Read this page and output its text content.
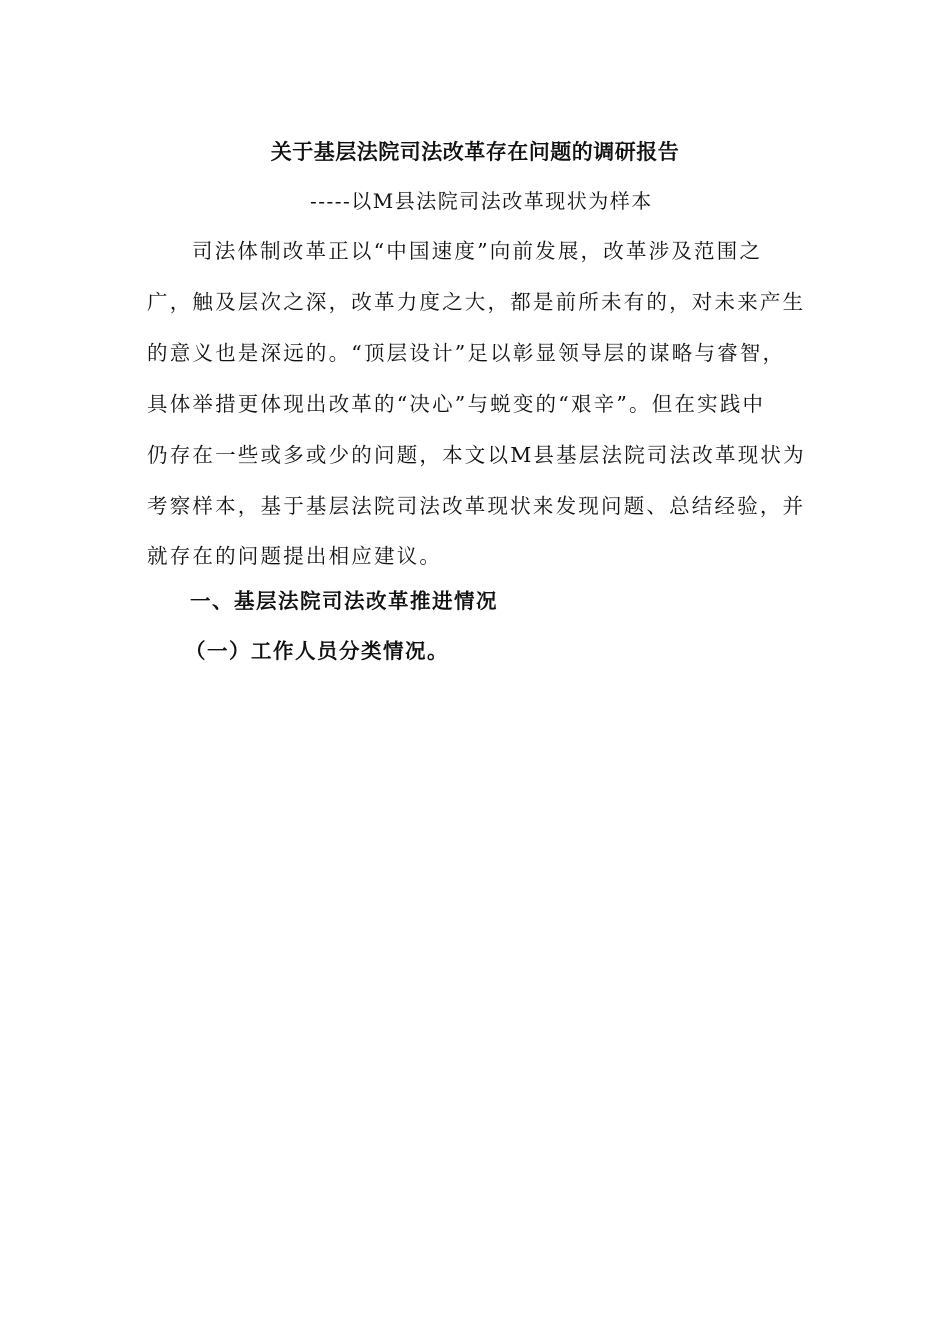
关于基层法院司法改革存在问题的调研报告
-----以M县法院司法改革现状为样本
司法体制改革正以“中国速度”向前发展，改革涉及范围之
广，触及层次之深，改革力度之大，都是前所未有的，对未来产生
的意义也是深远的。“顶层设计”足以彰显领导层的谋略与睿智，
具体举措更体现出改革的“决心”与蜕变的“艰辛”。但在实践中
仍存在一些或多或少的问题，本文以M县基层法院司法改革现状为
考察样本，基于基层法院司法改革现状来发现问题、总结经验，并
就存在的问题提出相应建议。
一、基层法院司法改革推进情况
（一）工作人员分类情况。
